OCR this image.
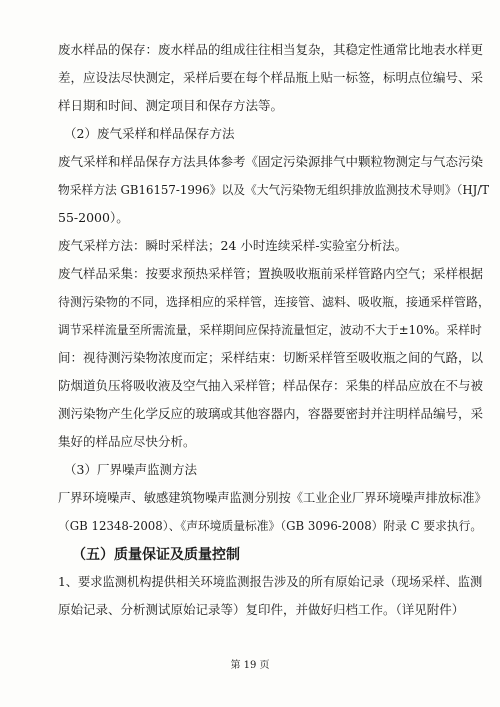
废水样品的保存：废水样品的组成往往相当复杂，其稳定性通常比地表水样更
差，应设法尽快测定，采样后要在每个样品瓶上贴一标签，标明点位编号、采
样日期和时间、测定项目和保存方法等。
（2）废气采样和样品保存方法
废气采样和样品保存方法具体参考《固定污染源排气中颗粒物测定与气态污染
物采样方法 GB16157-1996》以及《大气污染物无组织排放监测技术导则》（HJ/T
55-2000）。
废气采样方法：瞬时采样法；24 小时连续采样-实验室分析法。
废气样品采集：按要求预热采样管；置换吸收瓶前采样管路内空气；采样根据
待测污染物的不同，选择相应的采样管，连接管、滤料、吸收瓶，接通采样管路，
调节采样流量至所需流量，采样期间应保持流量恒定，波动不大于±10%。采样时
间：视待测污染物浓度而定；采样结束：切断采样管至吸收瓶之间的气路，以
防烟道负压将吸收液及空气抽入采样管；样品保存：采集的样品应放在不与被
测污染物产生化学反应的玻璃或其他容器内，容器要密封并注明样品编号，采
集好的样品应尽快分析。
（3）厂界噪声监测方法
厂界环境噪声、敏感建筑物噪声监测分别按《工业企业厂界环境噪声排放标准》
（GB 12348-2008）、《声环境质量标准》（GB 3096-2008）附录 C 要求执行。
（五）质量保证及质量控制
1、要求监测机构提供相关环境监测报告涉及的所有原始记录（现场采样、监测
原始记录、分析测试原始记录等）复印件，并做好归档工作。（详见附件）
第 19 页
